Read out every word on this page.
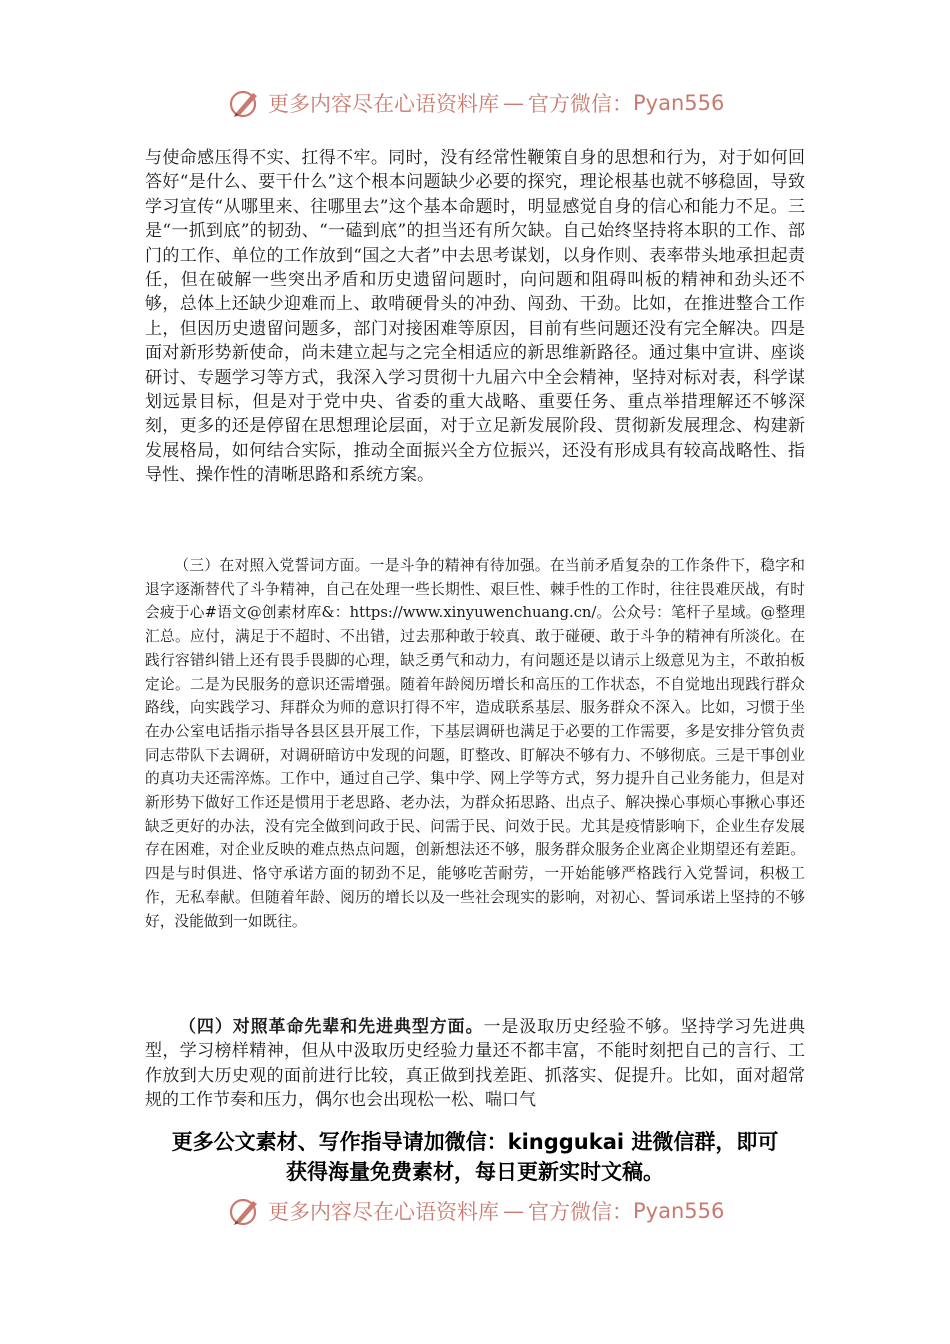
更多内容尽在心语资料库 — 官方微信： Pyan556

与使命感压得不实、扛得不牢。同时，没有经常性鞭策自身的思想和行为，对于如何回答好“是什么、要干什么”这个根本问题缺少必要的探究，理论根基也就不够稳固，导致学习宣传“从哪里来、往哪里去”这个基本命题时，明显感觉自身的信心和能力不足。三是“一抓到底”的韧劲、“一磕到底”的担当还有所欠缺。自己始终坚持将本职的工作、部门的工作、单位的工作放到“国之大者”中去思考谋划，以身作则、表率带头地承担起责任，但在破解一些突出矛盾和历史遗留问题时，向问题和阻碍叫板的精神和劲头还不够，总体上还缺少迎难而上、敢啃硬骨头的冲劲、闯劲、干劲。比如，在推进整合工作上，但因历史遗留问题多，部门对接困难等原因，目前有些问题还没有完全解决。四是面对新形势新使命，尚未建立起与之完全相适应的新思维新路径。通过集中宣讲、座谈研讨、专题学习等方式，我深入学习贯彻十九届六中全会精神，坚持对标对表，科学谋划远景目标，但是对于党中央、省委的重大战略、重要任务、重点举措理解还不够深刻，更多的还是停留在思想理论层面，对于立足新发展阶段、贯彻新发展理念、构建新发展格局，如何结合实际，推动全面振兴全方位振兴，还没有形成具有较高战略性、指导性、操作性的清晰思路和系统方案。

（三）在对照入党誓词方面。一是斗争的精神有待加强。在当前矛盾复杂的工作条件下，稳字和退字逐渐替代了斗争精神，自己在处理一些长期性、艰巨性、棘手性的工作时，往往畏难厌战，有时会疲于心#语文@创素材库&：https://www.xinyuwenchuang.cn/。公众号：笔杆子星域。@整理汇总。应付，满足于不超时、不出错，过去那种敢于较真、敢于碰硬、敢于斗争的精神有所淡化。在践行容错纠错上还有畏手畏脚的心理，缺乏勇气和动力，有问题还是以请示上级意见为主，不敢拍板定论。二是为民服务的意识还需增强。随着年龄阅历增长和高压的工作状态，不自觉地出现践行群众路线，向实践学习、拜群众为师的意识打得不牢，造成联系基层、服务群众不深入。比如，习惯于坐在办公室电话指示指导各县区县开展工作，下基层调研也满足于必要的工作需要，多是安排分管负责同志带队下去调研，对调研暗访中发现的问题，盯整改、盯解决不够有力、不够彻底。三是干事创业的真功夫还需淬炼。工作中，通过自己学、集中学、网上学等方式，努力提升自己业务能力，但是对新形势下做好工作还是惯用于老思路、老办法，为群众拓思路、出点子、解决操心事烦心事揪心事还缺乏更好的办法，没有完全做到问政于民、问需于民、问效于民。尤其是疫情影响下，企业生存发展存在困难，对企业反映的难点热点问题，创新想法还不够，服务群众服务企业离企业期望还有差距。四是与时俱进、恪守承诺方面的韧劲不足，能够吃苦耐劳，一开始能够严格践行入党誓词，积极工作，无私奉献。但随着年龄、阅历的增长以及一些社会现实的影响，对初心、誓词承诺上坚持的不够好，没能做到一如既往。

（四）对照革命先辈和先进典型方面。一是汲取历史经验不够。坚持学习先进典型，学习榜样精神，但从中汲取历史经验力量还不都丰富，不能时刻把自己的言行、工作放到大历史观的面前进行比较，真正做到找差距、抓落实、促提升。比如，面对超常规的工作节奏和压力，偶尔也会出现松一松、喘口气

更多公文素材、写作指导请加微信：kinggukai 进微信群，即可
获得海量免费素材，每日更新实时文稿。
更多内容尽在心语资料库 — 官方微信： Pyan556
